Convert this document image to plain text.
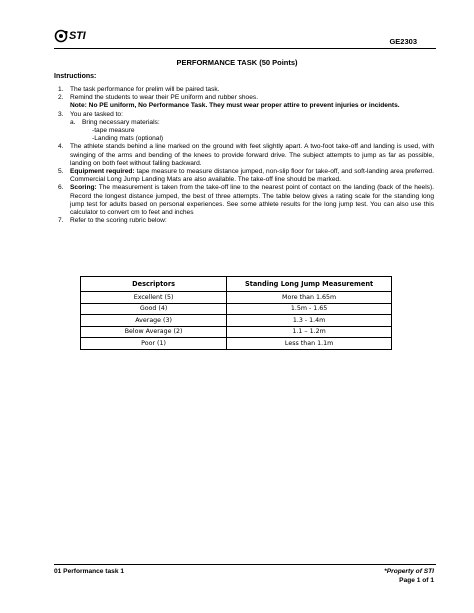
STI	GE2303
PERFORMANCE TASK (50 Points)
Instructions:
1. The task performance for prelim will be paired task.
2. Remind the students to wear their PE uniform and rubber shoes.
Note: No PE uniform, No Performance Task. They must wear proper attire to prevent injuries or incidents.
3. You are tasked to:
a. Bring necessary materials:
-tape measure
-Landing mats (optional)
4. The athlete stands behind a line marked on the ground with feet slightly apart. A two-foot take-off and landing is used, with swinging of the arms and bending of the knees to provide forward drive. The subject attempts to jump as far as possible, landing on both feet without falling backward.
5. Equipment required: tape measure to measure distance jumped, non-slip floor for take-off, and soft-landing area preferred. Commercial Long Jump Landing Mats are also available. The take-off line should be marked.
6. Scoring: The measurement is taken from the take-off line to the nearest point of contact on the landing (back of the heels). Record the longest distance jumped, the best of three attempts. The table below gives a rating scale for the standing long jump test for adults based on personal experiences. See some athlete results for the long jump test. You can also use this calculator to convert cm to feet and inches
7. Refer to the scoring rubric below:
Descriptors	Standing Long Jump Measurement
Excellent (5)	More than 1.65m
Good (4)	1.5m - 1.65
Average (3)	1.3 - 1.4m
Below Average (2)	1.1 – 1.2m
Poor (1)	Less than 1.1m
01 Performance task 1	*Property of STI
Page 1 of 1
